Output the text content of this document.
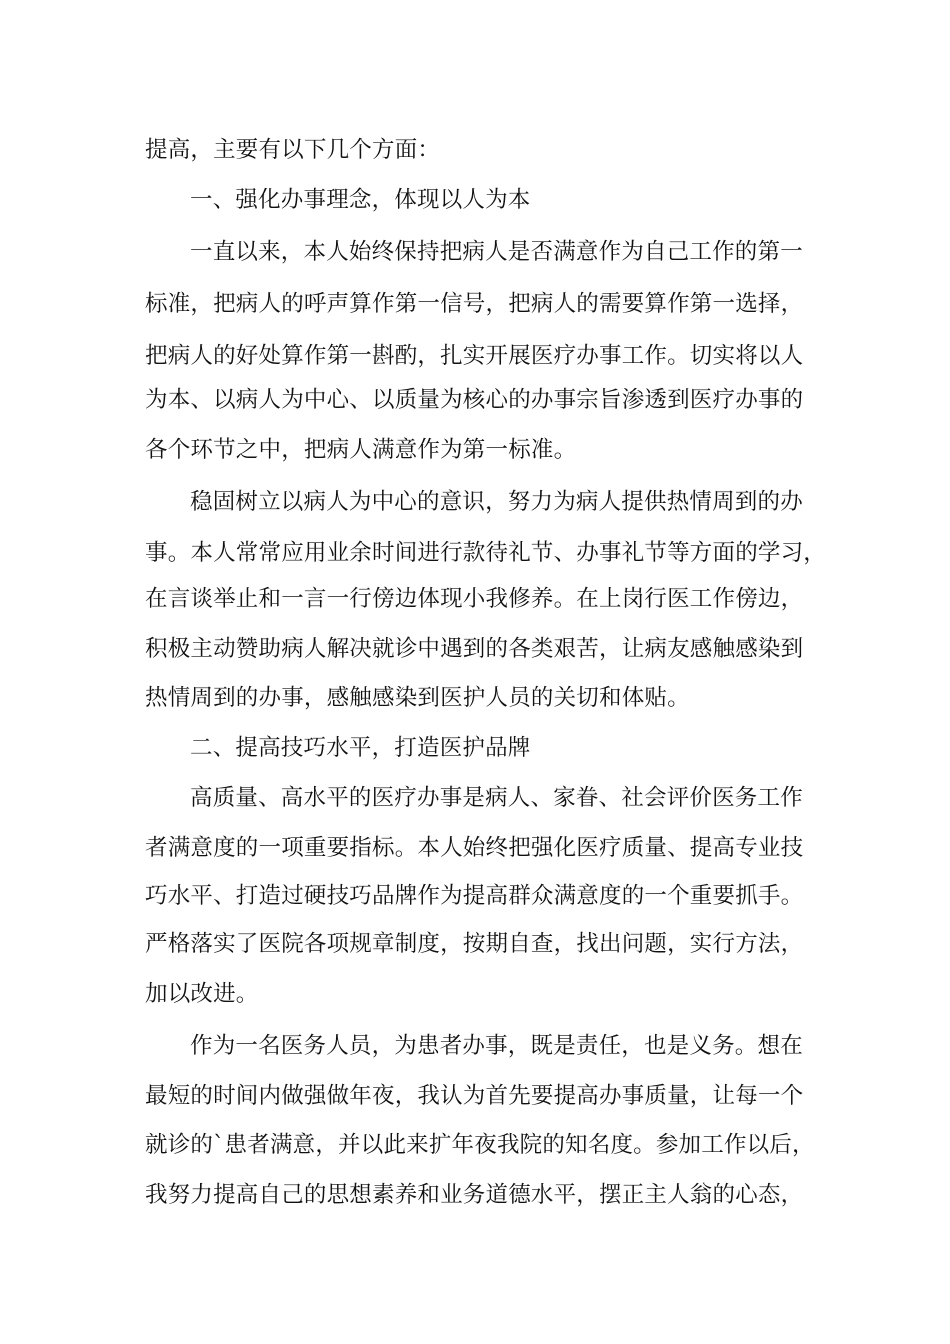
提高，主要有以下几个方面：
一、强化办事理念，体现以人为本
一直以来，本人始终保持把病人是否满意作为自己工作的第一
标准，把病人的呼声算作第一信号，把病人的需要算作第一选择，
把病人的好处算作第一斟酌，扎实开展医疗办事工作。切实将以人
为本、以病人为中心、以质量为核心的办事宗旨渗透到医疗办事的
各个环节之中，把病人满意作为第一标准。
稳固树立以病人为中心的意识，努力为病人提供热情周到的办
事。本人常常应用业余时间进行款待礼节、办事礼节等方面的学习，
在言谈举止和一言一行傍边体现小我修养。在上岗行医工作傍边，
积极主动赞助病人解决就诊中遇到的各类艰苦，让病友感触感染到
热情周到的办事，感触感染到医护人员的关切和体贴。
二、提高技巧水平，打造医护品牌
高质量、高水平的医疗办事是病人、家眷、社会评价医务工作
者满意度的一项重要指标。本人始终把强化医疗质量、提高专业技
巧水平、打造过硬技巧品牌作为提高群众满意度的一个重要抓手。
严格落实了医院各项规章制度，按期自查，找出问题，实行方法，
加以改进。
作为一名医务人员，为患者办事，既是责任，也是义务。想在
最短的时间内做强做年夜，我认为首先要提高办事质量，让每一个
就诊的`患者满意，并以此来扩年夜我院的知名度。参加工作以后，
我努力提高自己的思想素养和业务道德水平，摆正主人翁的心态，
